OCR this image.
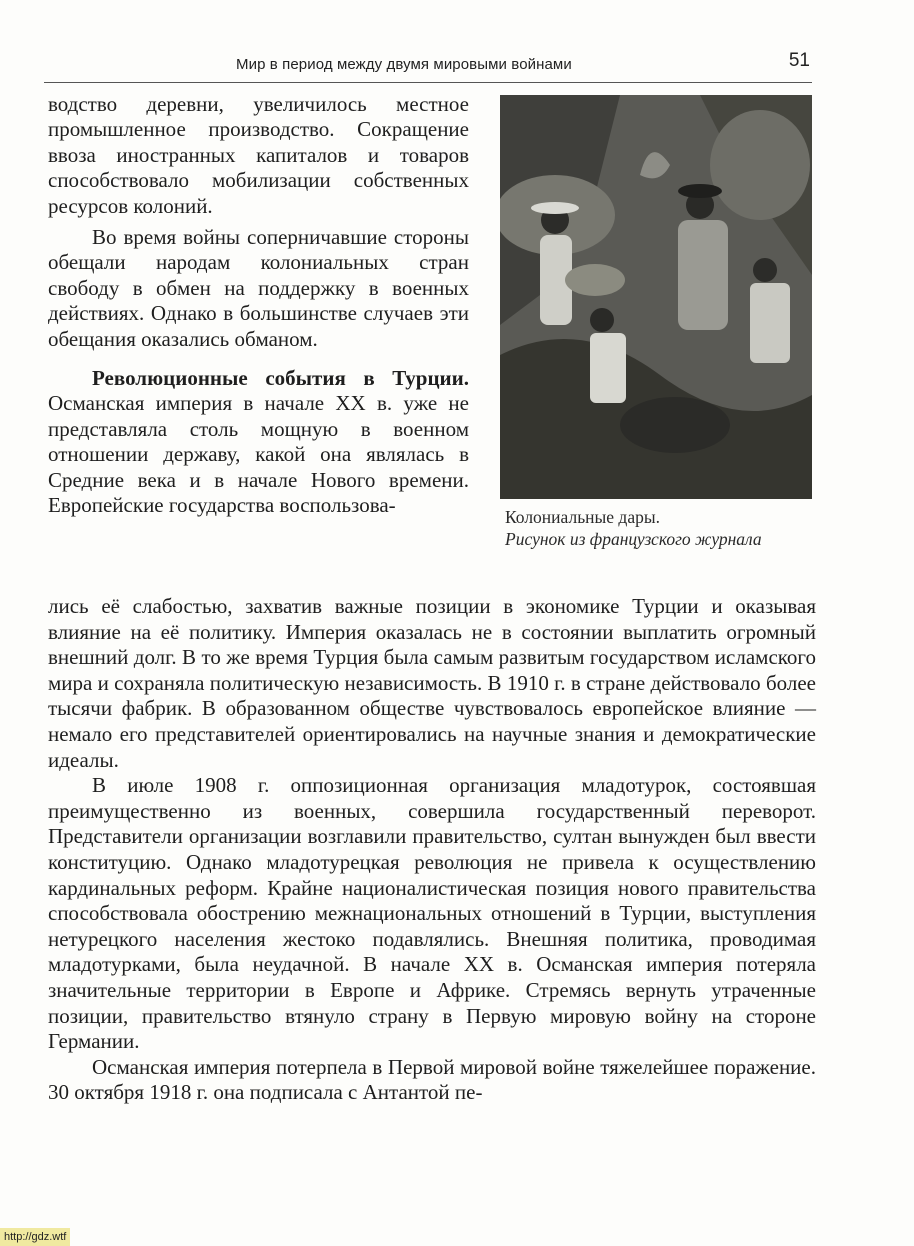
Мир в период между двумя мировыми войнами	51

водство деревни, увеличилось местное промышленное производство. Сокращение ввоза иностранных капиталов и товаров способствовало мобилизации собственных ресурсов колоний.

Во время войны соперничавшие стороны обещали народам колониальных стран свободу в обмен на поддержку в военных действиях. Однако в большинстве случаев эти обещания оказались обманом.

Революционные события в Турции. Османская империя в начале XX в. уже не представляла столь мощную в военном отношении державу, какой она являлась в Средние века и в начале Нового времени. Европейские государства воспользова-	Колониальные дары.
Рисунок из французского журнала

лись её слабостью, захватив важные позиции в экономике Турции и оказывая влияние на её политику. Империя оказалась не в состоянии выплатить огромный внешний долг. В то же время Турция была самым развитым государством исламского мира и сохраняла политическую независимость. В 1910 г. в стране действовало более тысячи фабрик. В образованном обществе чувствовалось европейское влияние — немало его представителей ориентировались на научные знания и демократические идеалы.

В июле 1908 г. оппозиционная организация младотурок, состоявшая преимущественно из военных, совершила государственный переворот. Представители организации возглавили правительство, султан вынужден был ввести конституцию. Однако младотурецкая революция не привела к осуществлению кардинальных реформ. Крайне националистическая позиция нового правительства способствовала обострению межнациональных отношений в Турции, выступления нетурецкого населения жестоко подавлялись. Внешняя политика, проводимая младотурками, была неудачной. В начале XX в. Османская империя потеряла значительные территории в Европе и Африке. Стремясь вернуть утраченные позиции, правительство втянуло страну в Первую мировую войну на стороне Германии.

Османская империя потерпела в Первой мировой войне тяжелейшее поражение. 30 октября 1918 г. она подписала с Антантой пе-

http://gdz.wtf
